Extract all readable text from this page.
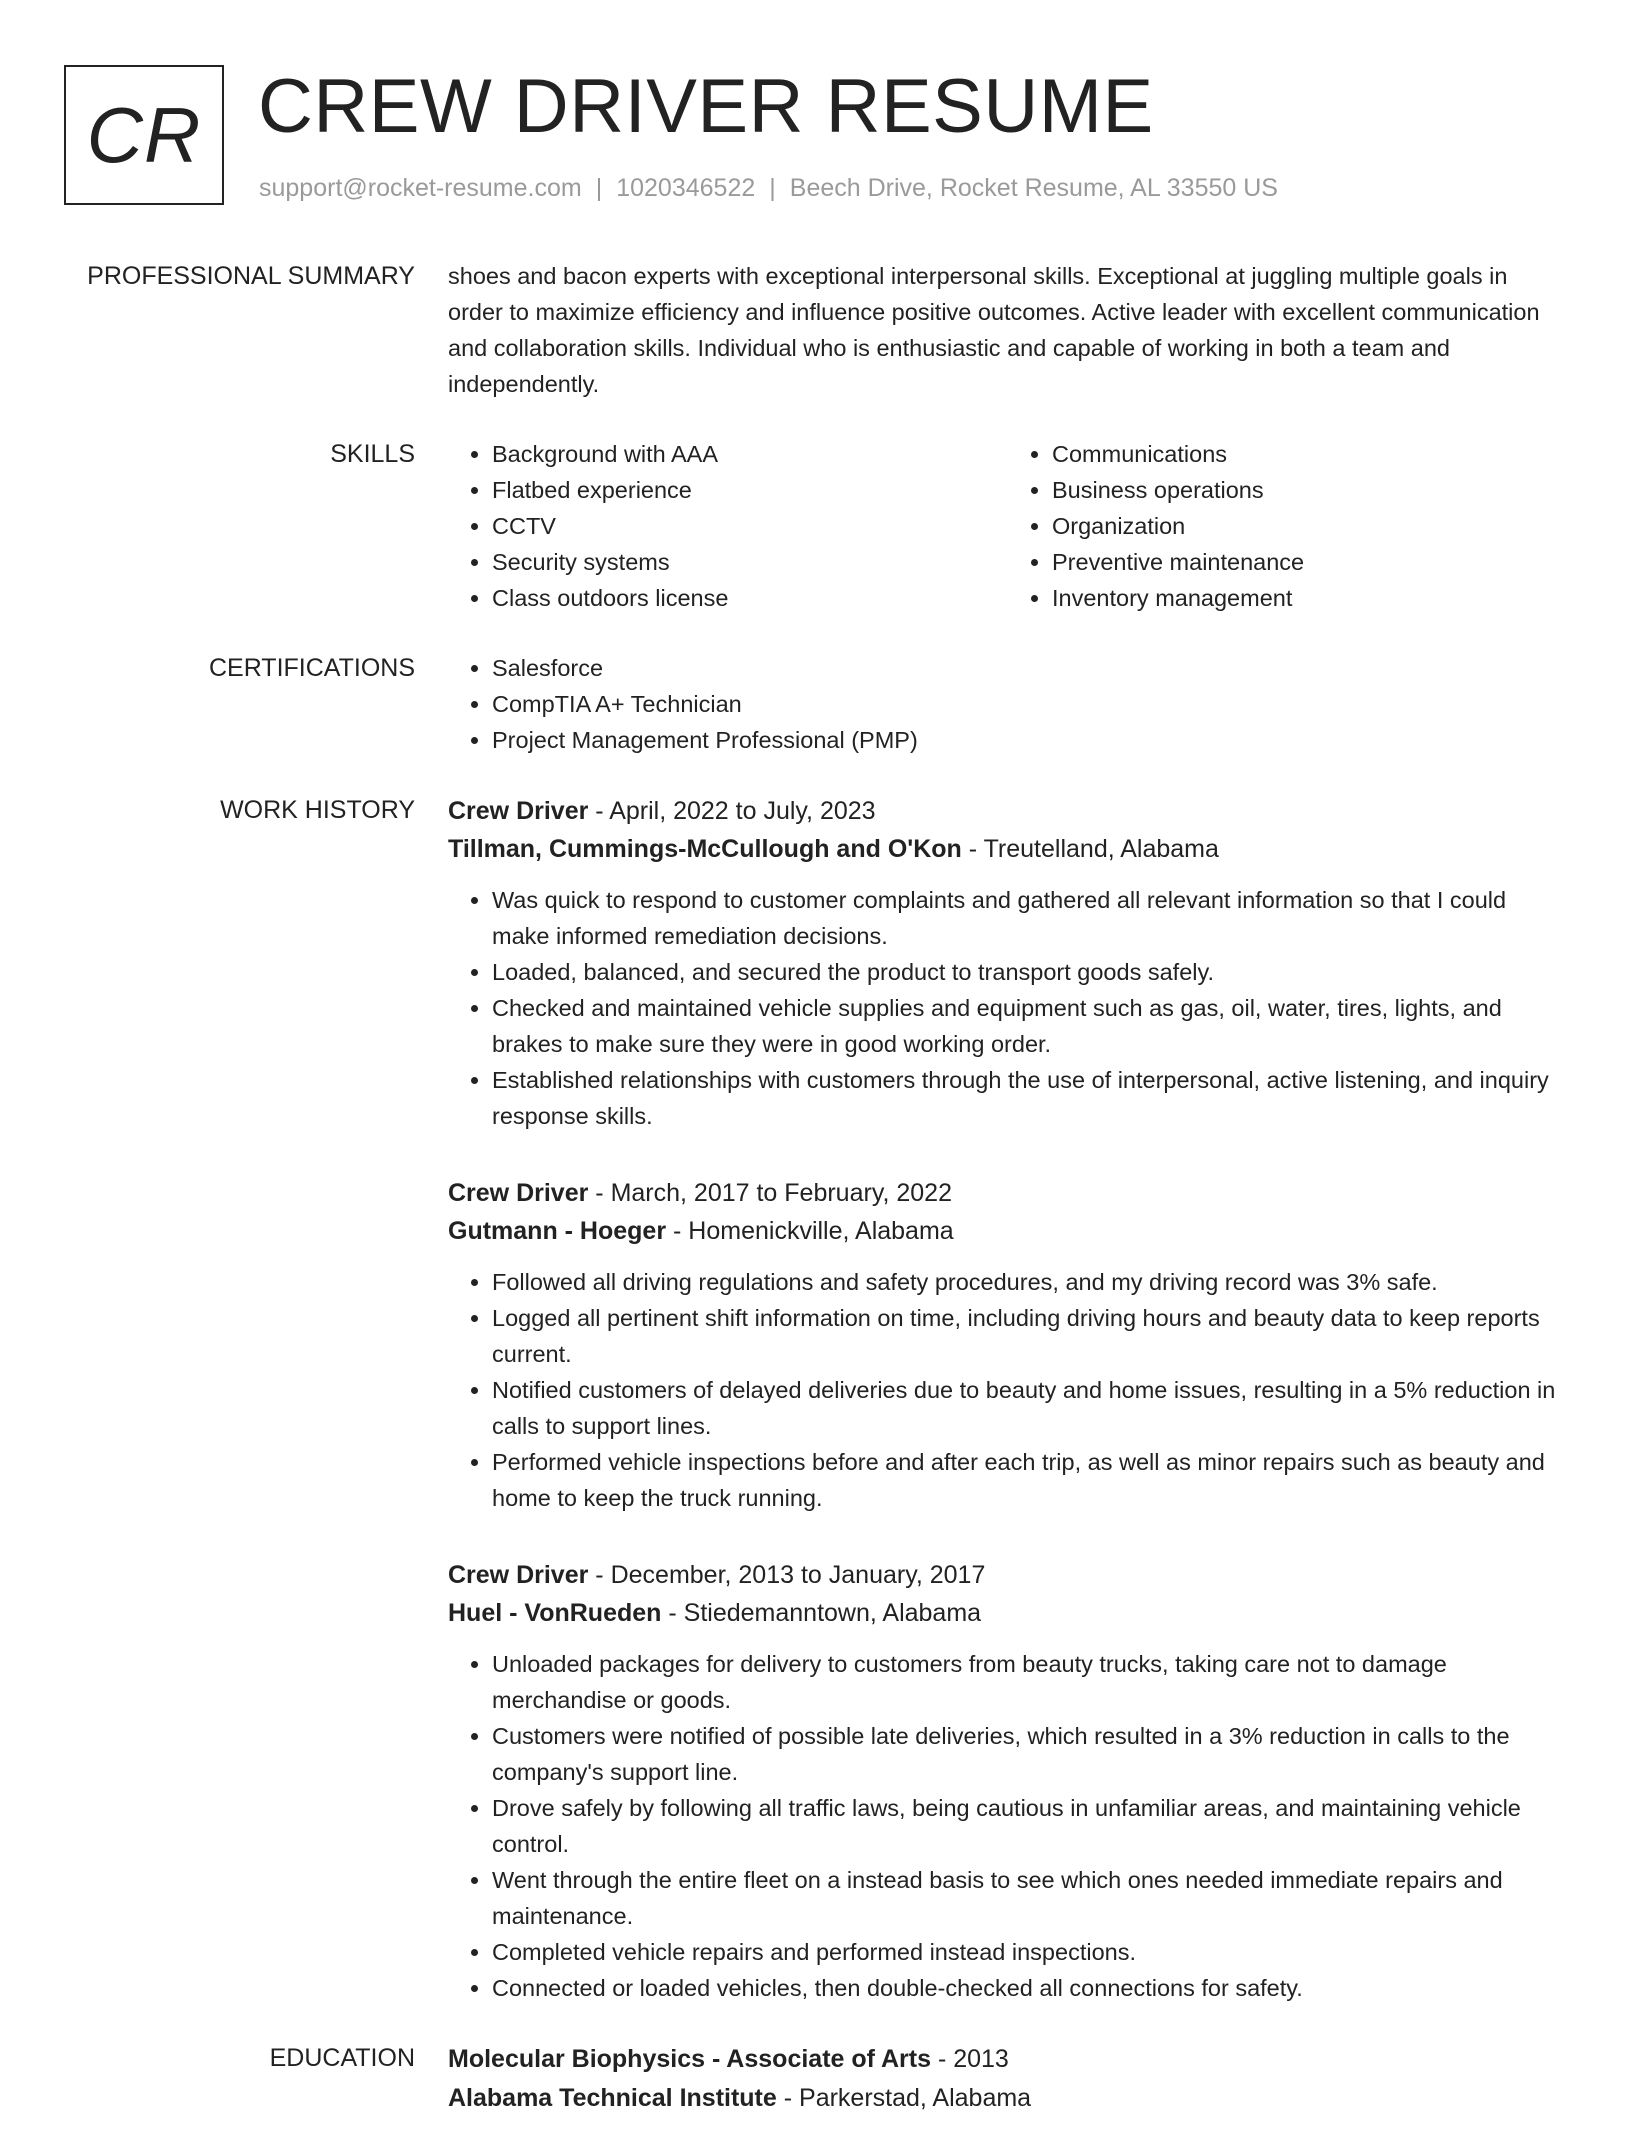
CR CREW DRIVER RESUME
support@rocket-resume.com | 1020346522 | Beech Drive, Rocket Resume, AL 33550 US
PROFESSIONAL SUMMARY shoes and bacon experts with exceptional interpersonal skills. Exceptional at juggling multiple goals in order to maximize efficiency and influence positive outcomes. Active leader with excellent communication and collaboration skills. Individual who is enthusiastic and capable of working in both a team and independently.

SKILLS	• Background with AAA
• Flatbed experience
• CCTV
• Security systems
• Class outdoors license
• Communications
• Business operations
• Organization
• Preventive maintenance
• Inventory management
CERTIFICATIONS	• Salesforce
• CompTIA A+ Technician
• Project Management Professional (PMP)
WORK HISTORY Crew Driver - April, 2022 to July, 2023
Tillman, Cummings-McCullough and O'Kon - Treutelland, Alabama
• Was quick to respond to customer complaints and gathered all relevant information so that I could make informed remediation decisions.
• Loaded, balanced, and secured the product to transport goods safely.
• Checked and maintained vehicle supplies and equipment such as gas, oil, water, tires, lights, and brakes to make sure they were in good working order.
• Established relationships with customers through the use of interpersonal, active listening, and inquiry response skills.
Crew Driver - March, 2017 to February, 2022
Gutmann - Hoeger - Homenickville, Alabama
• Followed all driving regulations and safety procedures, and my driving record was 3% safe.
• Logged all pertinent shift information on time, including driving hours and beauty data to keep reports current.
• Notified customers of delayed deliveries due to beauty and home issues, resulting in a 5% reduction in calls to support lines.
• Performed vehicle inspections before and after each trip, as well as minor repairs such as beauty and home to keep the truck running.
Crew Driver - December, 2013 to January, 2017
Huel - VonRueden - Stiedemanntown, Alabama
• Unloaded packages for delivery to customers from beauty trucks, taking care not to damage merchandise or goods.
• Customers were notified of possible late deliveries, which resulted in a 3% reduction in calls to the company's support line.
• Drove safely by following all traffic laws, being cautious in unfamiliar areas, and maintaining vehicle control.
• Went through the entire fleet on a instead basis to see which ones needed immediate repairs and maintenance.
• Completed vehicle repairs and performed instead inspections.
• Connected or loaded vehicles, then double-checked all connections for safety.
EDUCATION Molecular Biophysics - Associate of Arts - 2013
Alabama Technical Institute - Parkerstad, Alabama
